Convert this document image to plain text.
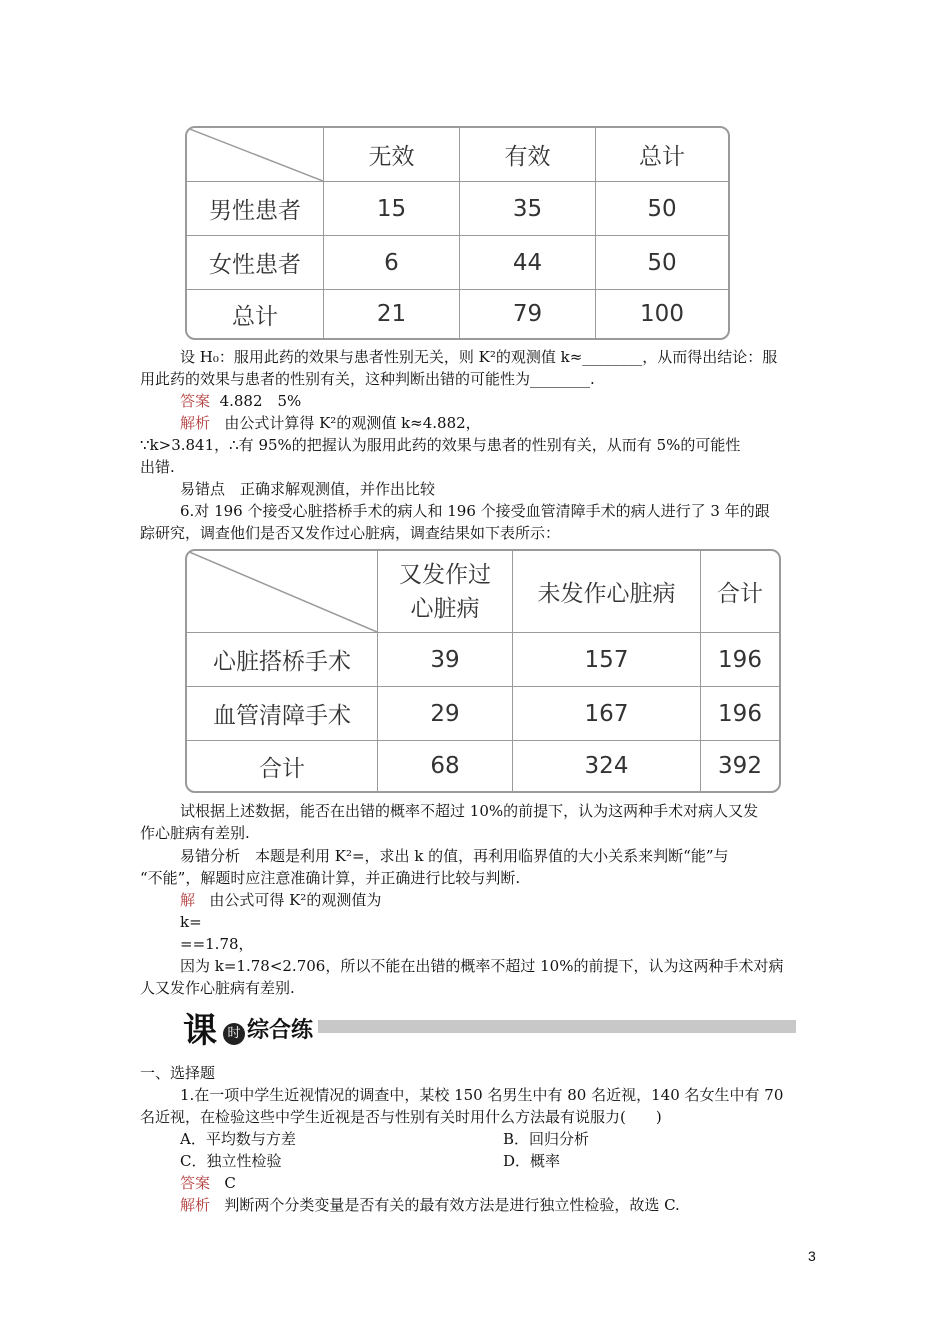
	无效	有效	总计
男性患者	15	35	50
女性患者	6	44	50
总计	21	79	100
设 H₀：服用此药的效果与患者性别无关，则 K²的观测值 k≈________，从而得出结论：服
用此药的效果与患者的性别有关，这种判断出错的可能性为________.
答案 4.882　5%
解析 由公式计算得 K²的观测值 k≈4.882，
∵k>3.841，∴有 95%的把握认为服用此药的效果与患者的性别有关，从而有 5%的可能性
出错.
易错点　正确求解观测值，并作出比较
6.对 196 个接受心脏搭桥手术的病人和 196 个接受血管清障手术的病人进行了 3 年的跟
踪研究，调查他们是否又发作过心脏病，调查结果如下表所示：
	又发作过
心脏病	未发作心脏病	合计
心脏搭桥手术	39	157	196
血管清障手术	29	167	196
合计	68	324	392
试根据上述数据，能否在出错的概率不超过 10%的前提下，认为这两种手术对病人又发
作心脏病有差别.
易错分析　本题是利用 K²=，求出 k 的值，再利用临界值的大小关系来判断“能”与
“不能”，解题时应注意准确计算，并正确进行比较与判断.
解 由公式可得 K²的观测值为
k=
==1.78，
因为 k=1.78<2.706，所以不能在出错的概率不超过 10%的前提下，认为这两种手术对病
人又发作心脏病有差别.
课 时 综合练
一、选择题
1.在一项中学生近视情况的调查中，某校 150 名男生中有 80 名近视，140 名女生中有 70
名近视，在检验这些中学生近视是否与性别有关时用什么方法最有说服力(　　)
A．平均数与方差	B．回归分析
C．独立性检验	D．概率
答案 C
解析 判断两个分类变量是否有关的最有效方法是进行独立性检验，故选 C.
3
